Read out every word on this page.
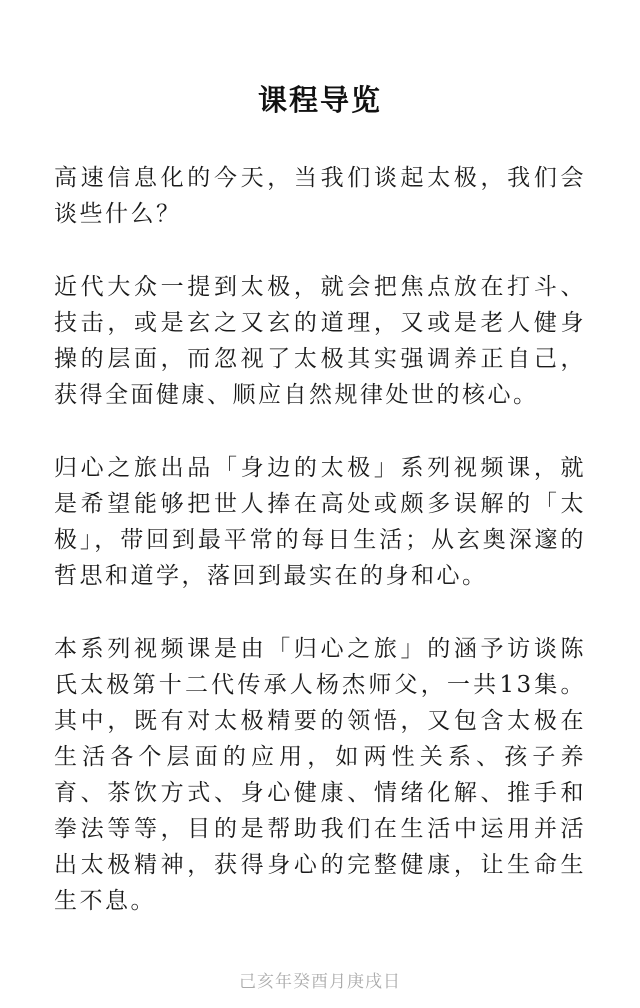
课程导览

高速信息化的今天，当我们谈起太极，我们会谈些什么？

近代大众一提到太极，就会把焦点放在打斗、技击，或是玄之又玄的道理，又或是老人健身操的层面，而忽视了太极其实强调养正自己，获得全面健康、顺应自然规律处世的核心。

归心之旅出品「身边的太极」系列视频课，就是希望能够把世人捧在高处或颇多误解的「太极」，带回到最平常的每日生活；从玄奥深邃的哲思和道学，落回到最实在的身和心。

本系列视频课是由「归心之旅」的涵予访谈陈氏太极第十二代传承人杨杰师父，一共13集。其中，既有对太极精要的领悟，又包含太极在生活各个层面的应用，如两性关系、孩子养育、茶饮方式、身心健康、情绪化解、推手和拳法等等，目的是帮助我们在生活中运用并活出太极精神，获得身心的完整健康，让生命生生不息。

己亥年癸酉月庚戌日
